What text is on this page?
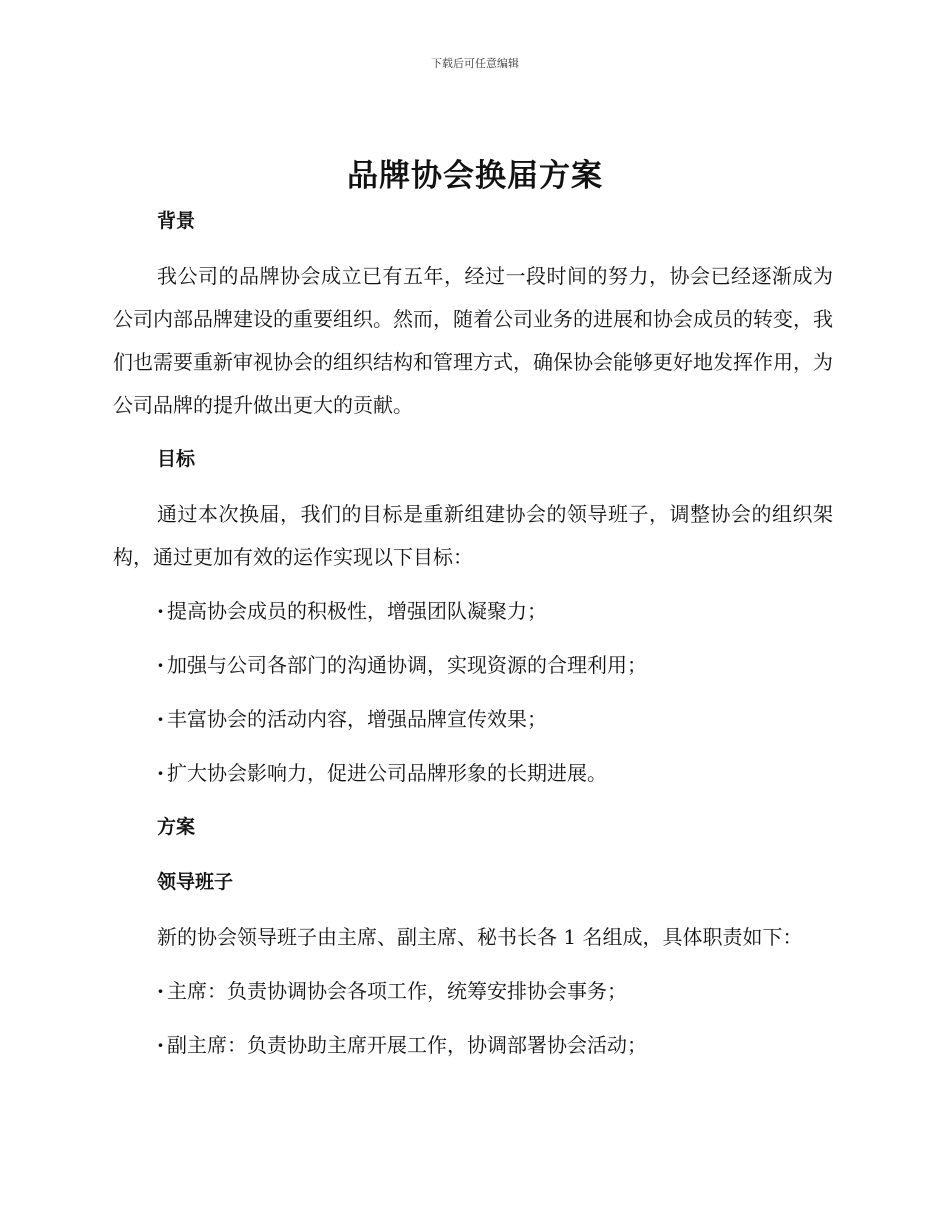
下载后可任意编辑
品牌协会换届方案

背景

我公司的品牌协会成立已有五年，经过一段时间的努力，协会已经逐渐成为公司内部品牌建设的重要组织。然而，随着公司业务的进展和协会成员的转变，我们也需要重新审视协会的组织结构和管理方式，确保协会能够更好地发挥作用，为公司品牌的提升做出更大的贡献。

目标

通过本次换届，我们的目标是重新组建协会的领导班子，调整协会的组织架构，通过更加有效的运作实现以下目标：

· 提高协会成员的积极性，增强团队凝聚力；

· 加强与公司各部门的沟通协调，实现资源的合理利用；

· 丰富协会的活动内容，增强品牌宣传效果；

· 扩大协会影响力，促进公司品牌形象的长期进展。

方案

领导班子

新的协会领导班子由主席、副主席、秘书长各 1 名组成，具体职责如下：

· 主席：负责协调协会各项工作，统筹安排协会事务；

· 副主席：负责协助主席开展工作，协调部署协会活动；
